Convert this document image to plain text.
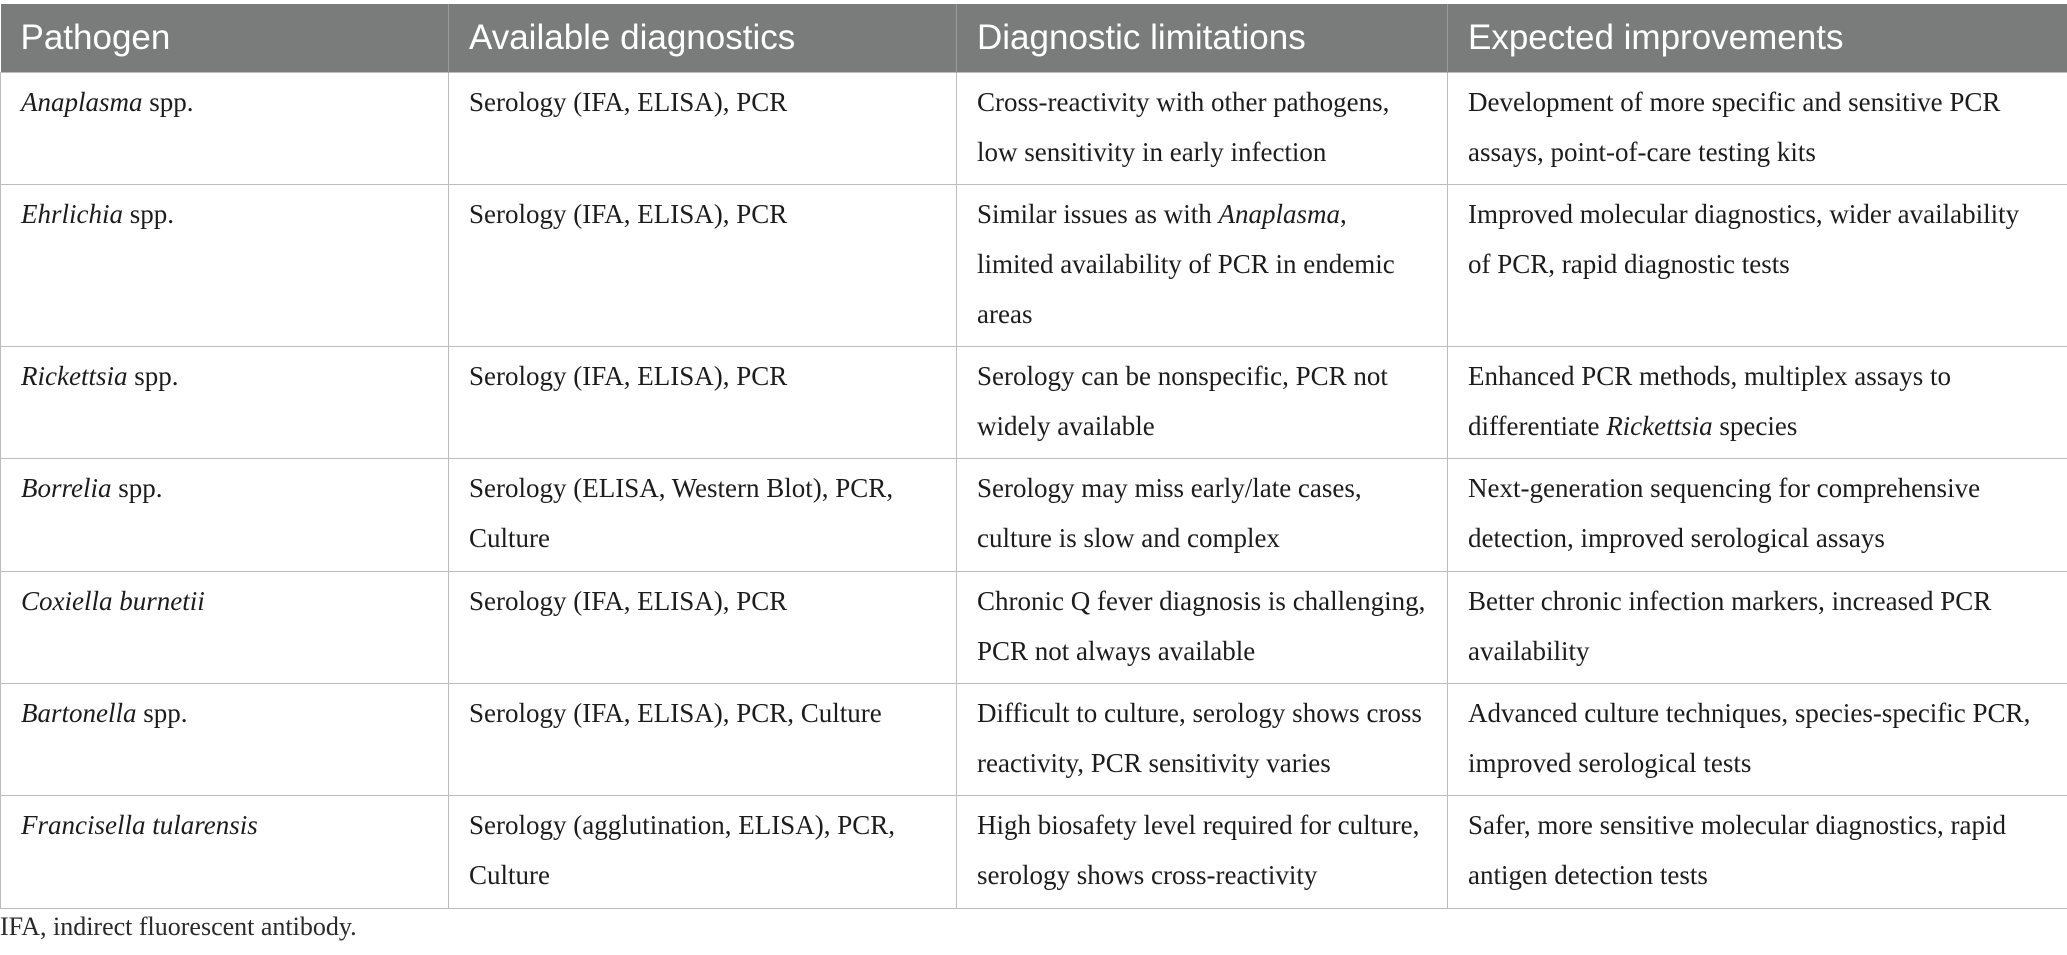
Pathogen	Available diagnostics	Diagnostic limitations	Expected improvements
Anaplasma spp.	Serology (IFA, ELISA), PCR	Cross-reactivity with other pathogens, low sensitivity in early infection	Development of more specific and sensitive PCR assays, point-of-care testing kits
Ehrlichia spp.	Serology (IFA, ELISA), PCR	Similar issues as with Anaplasma, limited availability of PCR in endemic areas	Improved molecular diagnostics, wider availability of PCR, rapid diagnostic tests
Rickettsia spp.	Serology (IFA, ELISA), PCR	Serology can be nonspecific, PCR not widely available	Enhanced PCR methods, multiplex assays to differentiate Rickettsia species
Borrelia spp.	Serology (ELISA, Western Blot), PCR, Culture	Serology may miss early/late cases, culture is slow and complex	Next-generation sequencing for comprehensive detection, improved serological assays
Coxiella burnetii	Serology (IFA, ELISA), PCR	Chronic Q fever diagnosis is challenging, PCR not always available	Better chronic infection markers, increased PCR availability
Bartonella spp.	Serology (IFA, ELISA), PCR, Culture	Difficult to culture, serology shows cross reactivity, PCR sensitivity varies	Advanced culture techniques, species-specific PCR, improved serological tests
Francisella tularensis	Serology (agglutination, ELISA), PCR, Culture	High biosafety level required for culture, serology shows cross-reactivity	Safer, more sensitive molecular diagnostics, rapid antigen detection tests
IFA, indirect fluorescent antibody.
